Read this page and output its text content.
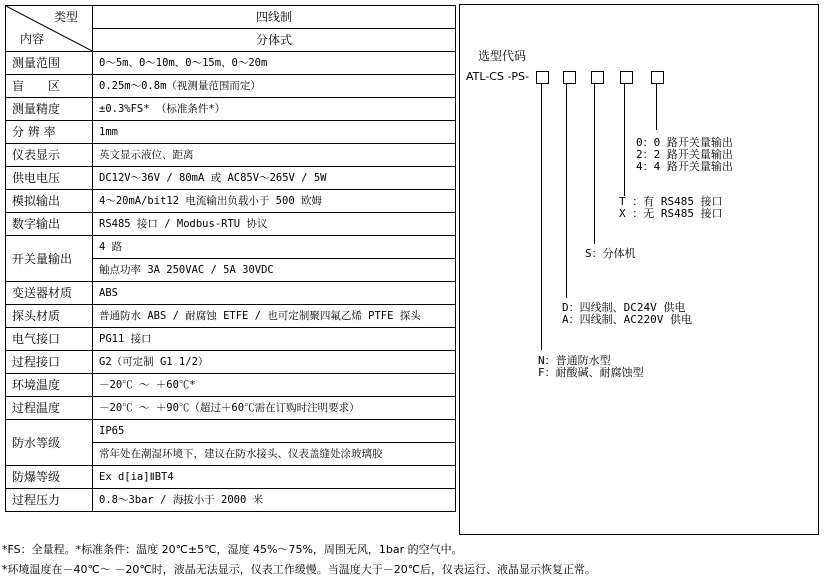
类型
内容	四线制
	分体式
测量范围	0～5m、0～10m、0～15m、0～20m
盲　　区	0.25m～0.8m（视测量范围而定）
测量精度	±0.3%FS* （标准条件*）
分 辨 率	1mm
仪表显示	英文显示液位、距离
供电电压	DC12V～36V / 80mA 或 AC85V～265V / 5W
模拟输出	4～20mA/bit12 电流输出负载小于 500 欧姆
数字输出	RS485 接口 / Modbus-RTU 协议
开关量输出	4 路
	触点功率 3A 250VAC / 5A 30VDC
变送器材质	ABS
探头材质	普通防水 ABS / 耐腐蚀 ETFE / 也可定制聚四氟乙烯 PTFE 探头
电气接口	PG11 接口
过程接口	G2（可定制 G1 1/2）
环境温度	－20℃ ～ ＋60℃*
过程温度	－20℃ ～ ＋90℃（超过＋60℃需在订购时注明要求）
防水等级	IP65
	常年处在潮湿环境下，建议在防水接头、仪表盖缝处涂玻璃胶
防爆等级	Ex d[ia]ⅡBT4
过程压力	0.8～3bar / 海拔小于 2000 米
选型代码
ATL-CS -PS-
0：0 路开关量输出
2：2 路开关量输出
4：4 路开关量输出
T ：有 RS485 接口
X ：无 RS485 接口
S：分体机
D：四线制、DC24V 供电
A：四线制、AC220V 供电
N：普通防水型
F：耐酸碱、耐腐蚀型
*FS：全量程。*标准条件：温度 20℃±5℃，湿度 45%～75%，周围无风，1bar 的空气中。
*环境温度在－40℃～ －20℃时，液晶无法显示，仪表工作缓慢。当温度大于－20℃后，仪表运行、液晶显示恢复正常。
